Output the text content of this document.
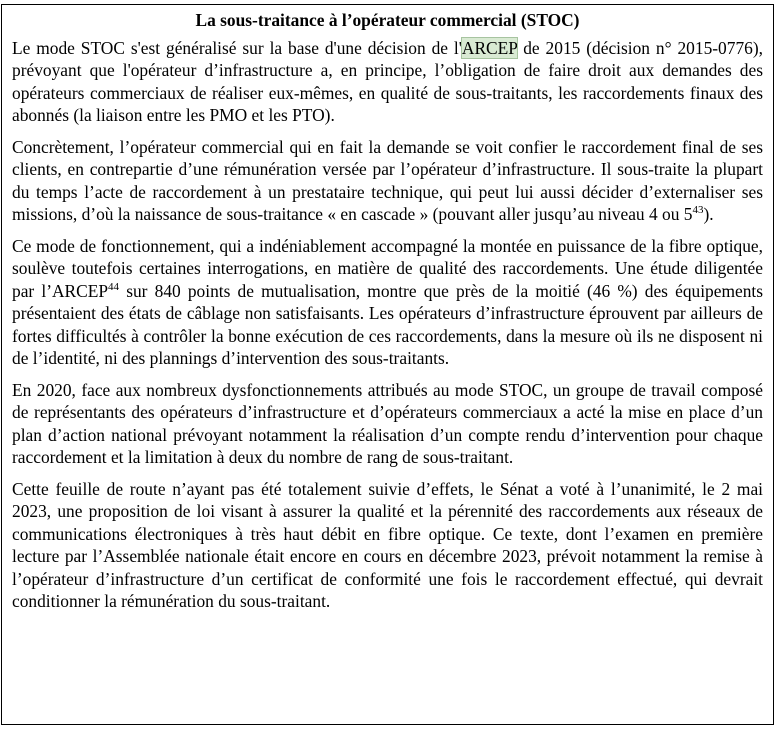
La sous-traitance à l’opérateur commercial (STOC)

Le mode STOC s'est généralisé sur la base d'une décision de l'ARCEP de 2015 (décision n° 2015-0776), prévoyant que l'opérateur d’infrastructure a, en principe, l’obligation de faire droit aux demandes des opérateurs commerciaux de réaliser eux-mêmes, en qualité de sous-traitants, les raccordements finaux des abonnés (la liaison entre les PMO et les PTO).

Concrètement, l’opérateur commercial qui en fait la demande se voit confier le raccordement final de ses clients, en contrepartie d’une rémunération versée par l’opérateur d’infrastructure. Il sous-traite la plupart du temps l’acte de raccordement à un prestataire technique, qui peut lui aussi décider d’externaliser ses missions, d’où la naissance de sous-traitance « en cascade » (pouvant aller jusqu’au niveau 4 ou $5^{43}$).

Ce mode de fonctionnement, qui a indéniablement accompagné la montée en puissance de la fibre optique, soulève toutefois certaines interrogations, en matière de qualité des raccordements. Une étude diligentée par l’ARCEP$^{44}$ sur 840 points de mutualisation, montre que près de la moitié (46 %) des équipements présentaient des états de câblage non satisfaisants. Les opérateurs d’infrastructure éprouvent par ailleurs de fortes difficultés à contrôler la bonne exécution de ces raccordements, dans la mesure où ils ne disposent ni de l’identité, ni des plannings d’intervention des sous-traitants.

En 2020, face aux nombreux dysfonctionnements attribués au mode STOC, un groupe de travail composé de représentants des opérateurs d’infrastructure et d’opérateurs commerciaux a acté la mise en place d’un plan d’action national prévoyant notamment la réalisation d’un compte rendu d’intervention pour chaque raccordement et la limitation à deux du nombre de rang de sous-traitant.

Cette feuille de route n’ayant pas été totalement suivie d’effets, le Sénat a voté à l’unanimité, le 2 mai 2023, une proposition de loi visant à assurer la qualité et la pérennité des raccordements aux réseaux de communications électroniques à très haut débit en fibre optique. Ce texte, dont l’examen en première lecture par l’Assemblée nationale était encore en cours en décembre 2023, prévoit notamment la remise à l’opérateur d’infrastructure d’un certificat de conformité une fois le raccordement effectué, qui devrait conditionner la rémunération du sous-traitant.
